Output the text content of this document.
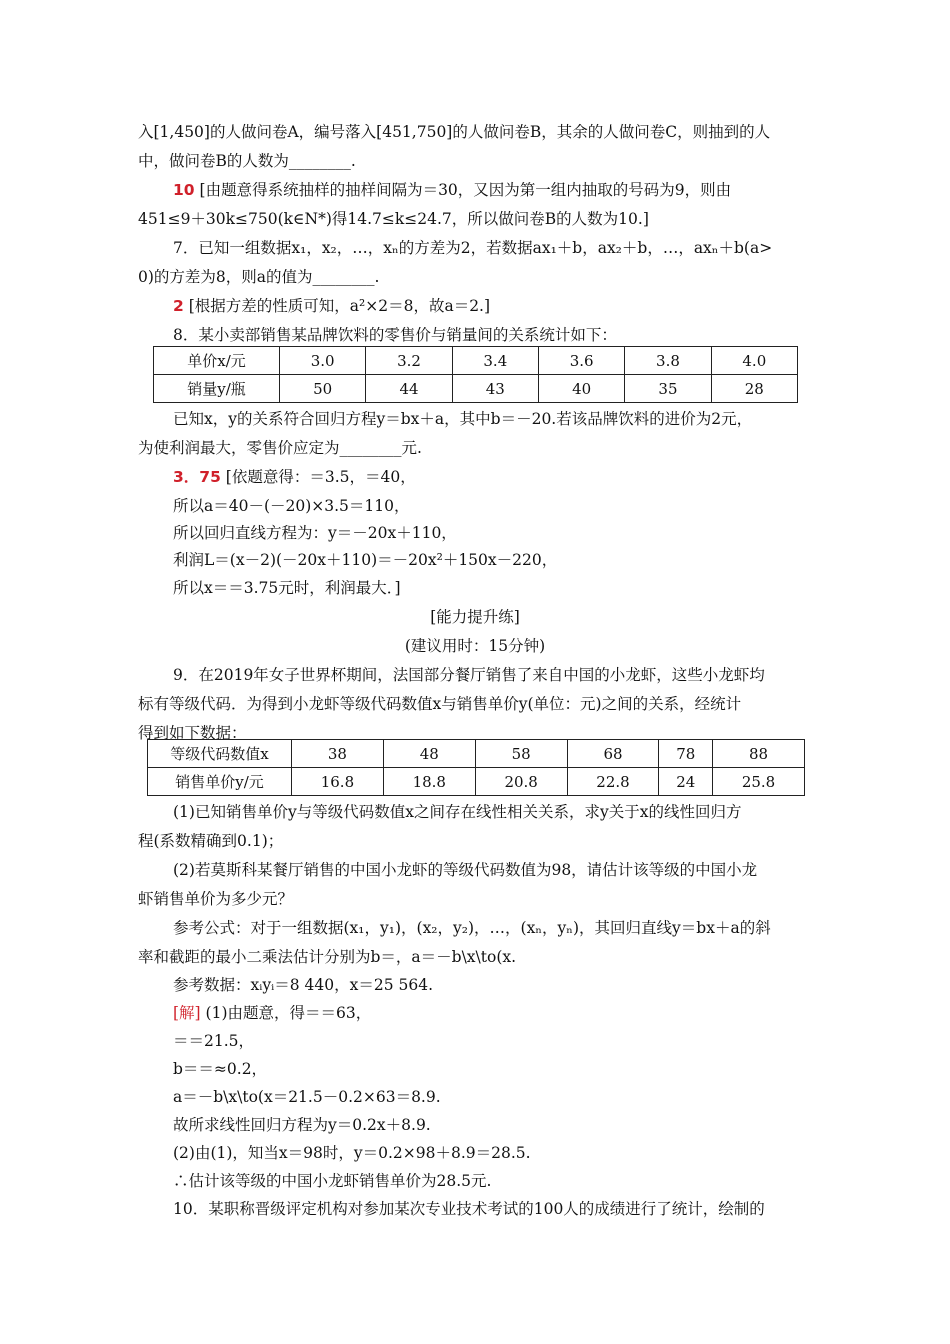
入[1,450]的人做问卷A，编号落入[451,750]的人做问卷B，其余的人做问卷C，则抽到的人
中，做问卷B的人数为________.
10 [由题意得系统抽样的抽样间隔为＝30，又因为第一组内抽取的号码为9，则由
451≤9＋30k≤750(k∈N*)得14.7≤k≤24.7，所以做问卷B的人数为10.]
7．已知一组数据x₁，x₂，…，xₙ的方差为2，若数据ax₁＋b，ax₂＋b，…，axₙ＋b(a>
0)的方差为8，则a的值为________.
2 [根据方差的性质可知，a²×2＝8，故a＝2.]
8．某小卖部销售某品牌饮料的零售价与销量间的关系统计如下：
单价x/元	3.0	3.2	3.4	3.6	3.8	4.0
销量y/瓶	50	44	43	40	35	28
已知x，y的关系符合回归方程y＝bx＋a，其中b＝－20.若该品牌饮料的进价为2元，
为使利润最大，零售价应定为________元.
3．75 [依题意得：＝3.5，＝40，
所以a＝40－(－20)×3.5＝110，
所以回归直线方程为：y＝－20x＋110，
利润L＝(x－2)(－20x＋110)＝－20x²＋150x－220，
所以x＝＝3.75元时，利润最大．]
[能力提升练]
(建议用时：15分钟)
9．在2019年女子世界杯期间，法国部分餐厅销售了来自中国的小龙虾，这些小龙虾均
标有等级代码．为得到小龙虾等级代码数值x与销售单价y(单位：元)之间的关系，经统计
得到如下数据：
等级代码数值x	38	48	58	68	78	88
销售单价y/元	16.8	18.8	20.8	22.8	24	25.8
(1)已知销售单价y与等级代码数值x之间存在线性相关关系，求y关于x的线性回归方
程(系数精确到0.1)；
(2)若莫斯科某餐厅销售的中国小龙虾的等级代码数值为98，请估计该等级的中国小龙
虾销售单价为多少元？
参考公式：对于一组数据(x₁，y₁)，(x₂，y₂)，…，(xₙ，yₙ)，其回归直线y＝bx＋a的斜
率和截距的最小二乘法估计分别为b＝，a＝－b\x\to(x.
参考数据：xᵢyᵢ＝8 440，x＝25 564.
[解] (1)由题意，得＝＝63，
＝＝21.5，
b＝＝≈0.2，
a＝－b\x\to(x＝21.5－0.2×63＝8.9.
故所求线性回归方程为y＝0.2x＋8.9.
(2)由(1)，知当x＝98时，y＝0.2×98＋8.9＝28.5.
∴估计该等级的中国小龙虾销售单价为28.5元.
10．某职称晋级评定机构对参加某次专业技术考试的100人的成绩进行了统计，绘制的
